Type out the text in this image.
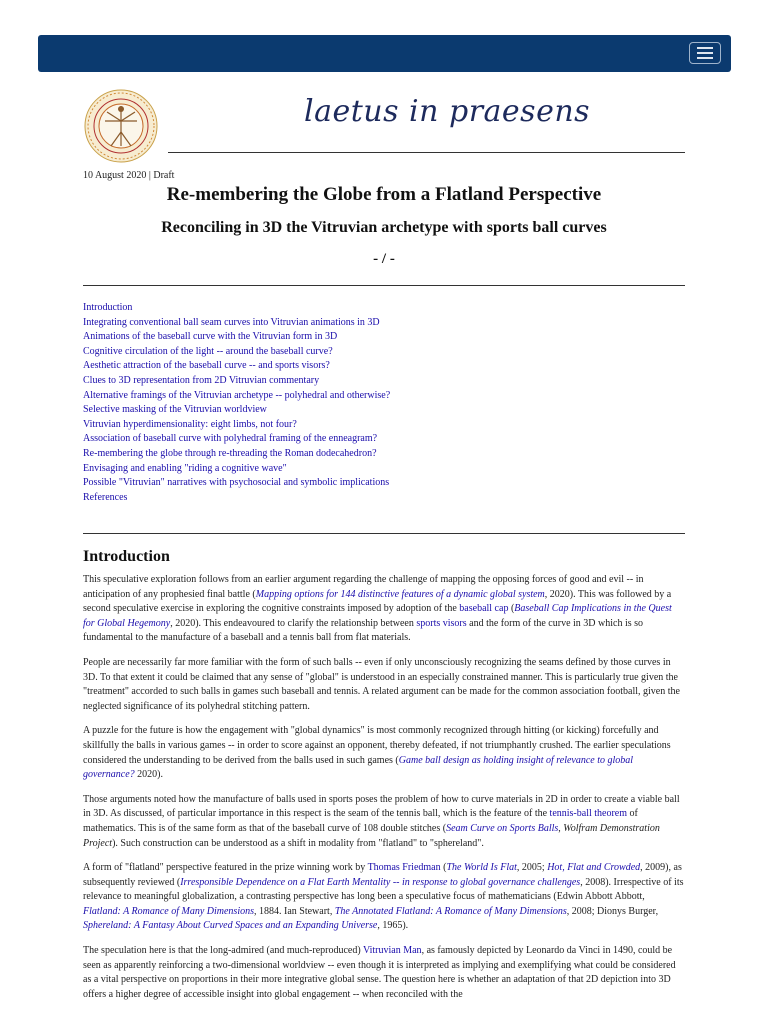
laetus in praesens
10 August 2020 | Draft
Re-membering the Globe from a Flatland Perspective
Reconciling in 3D the Vitruvian archetype with sports ball curves
- / -
Introduction
Integrating conventional ball seam curves into Vitruvian animations in 3D
Animations of the baseball curve with the Vitruvian form in 3D
Cognitive circulation of the light -- around the baseball curve?
Aesthetic attraction of the baseball curve -- and sports visors?
Clues to 3D representation from 2D Vitruvian commentary
Alternative framings of the Vitruvian archetype -- polyhedral and otherwise?
Selective masking of the Vitruvian worldview
Vitruvian hyperdimensionality: eight limbs, not four?
Association of baseball curve with polyhedral framing of the enneagram?
Re-membering the globe through re-threading the Roman dodecahedron?
Envisaging and enabling "riding a cognitive wave"
Possible "Vitruvian" narratives with psychosocial and symbolic implications
References
Introduction

This speculative exploration follows from an earlier argument regarding the challenge of mapping the opposing forces of good and evil -- in anticipation of any prophesied final battle (Mapping options for 144 distinctive features of a dynamic global system, 2020). This was followed by a second speculative exercise in exploring the cognitive constraints imposed by adoption of the baseball cap (Baseball Cap Implications in the Quest for Global Hegemony, 2020). This endeavoured to clarify the relationship between sports visors and the form of the curve in 3D which is so fundamental to the manufacture of a baseball and a tennis ball from flat materials.

People are necessarily far more familiar with the form of such balls -- even if only unconsciously recognizing the seams defined by those curves in 3D. To that extent it could be claimed that any sense of "global" is understood in an especially constrained manner. This is particularly true given the "treatment" accorded to such balls in games such baseball and tennis. A related argument can be made for the common association football, given the neglected significance of its polyhedral stitching pattern.

A puzzle for the future is how the engagement with "global dynamics" is most commonly recognized through hitting (or kicking) forcefully and skillfully the balls in various games -- in order to score against an opponent, thereby defeated, if not triumphantly crushed. The earlier speculations considered the understanding to be derived from the balls used in such games (Game ball design as holding insight of relevance to global governance? 2020).

Those arguments noted how the manufacture of balls used in sports poses the problem of how to curve materials in 2D in order to create a viable ball in 3D. As discussed, of particular importance in this respect is the seam of the tennis ball, which is the feature of the tennis-ball theorem of mathematics. This is of the same form as that of the baseball curve of 108 double stitches (Seam Curve on Sports Balls, Wolfram Demonstration Project). Such construction can be understood as a shift in modality from "flatland" to "sphereland".

A form of "flatland" perspective featured in the prize winning work by Thomas Friedman (The World Is Flat, 2005; Hot, Flat and Crowded, 2009), as subsequently reviewed (Irresponsible Dependence on a Flat Earth Mentality -- in response to global governance challenges, 2008). Irrespective of its relevance to meaningful globalization, a contrasting perspective has long been a speculative focus of mathematicians (Edwin Abbott Abbott, Flatland: A Romance of Many Dimensions, 1884. Ian Stewart, The Annotated Flatland: A Romance of Many Dimensions, 2008; Dionys Burger, Sphereland: A Fantasy About Curved Spaces and an Expanding Universe, 1965).

The speculation here is that the long-admired (and much-reproduced) Vitruvian Man, as famously depicted by Leonardo da Vinci in 1490, could be seen as apparently reinforcing a two-dimensional worldview -- even though it is interpreted as implying and exemplifying what could be considered as a vital perspective on proportions in their more integrative global sense. The question here is whether an adaptation of that 2D depiction into 3D offers a higher degree of accessible insight into global engagement -- when reconciled with the
